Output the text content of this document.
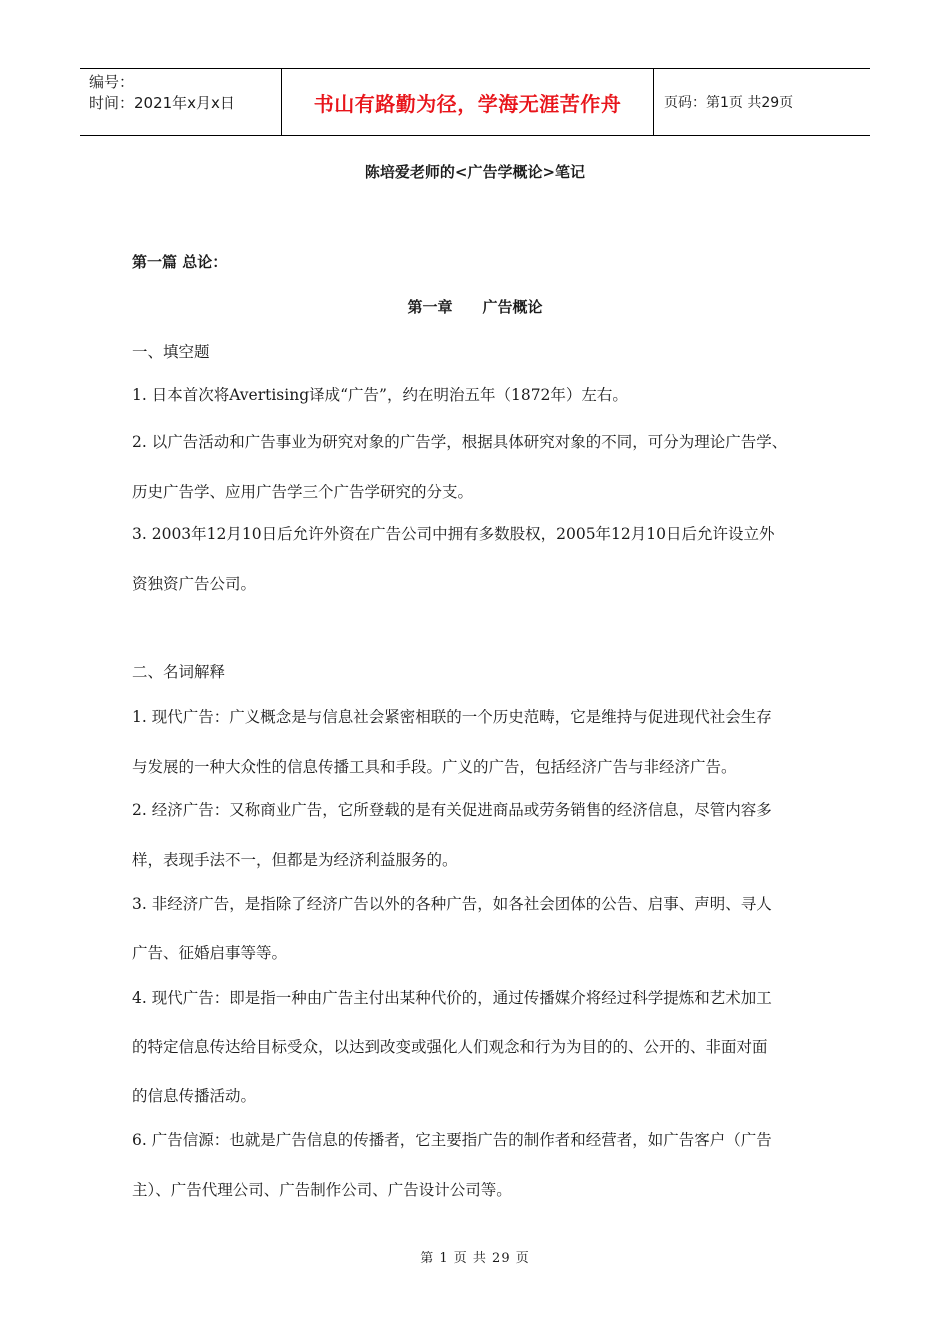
编号：
时间：2021年x月x日	书山有路勤为径，学海无涯苦作舟	页码：第1页 共29页
陈培爱老师的<广告学概论>笔记
第一篇 总论：
第一章 广告概论
一、填空题
1. 日本首次将Avertising译成“广告”，约在明治五年（1872年）左右。
2. 以广告活动和广告事业为研究对象的广告学，根据具体研究对象的不同，可分为理论广告学、
历史广告学、应用广告学三个广告学研究的分支。
3. 2003年12月10日后允许外资在广告公司中拥有多数股权，2005年12月10日后允许设立外
资独资广告公司。
二、名词解释
1. 现代广告：广义概念是与信息社会紧密相联的一个历史范畴，它是维持与促进现代社会生存
与发展的一种大众性的信息传播工具和手段。广义的广告，包括经济广告与非经济广告。
2. 经济广告：又称商业广告，它所登载的是有关促进商品或劳务销售的经济信息，尽管内容多
样，表现手法不一，但都是为经济利益服务的。
3. 非经济广告，是指除了经济广告以外的各种广告，如各社会团体的公告、启事、声明、寻人
广告、征婚启事等等。
4. 现代广告：即是指一种由广告主付出某种代价的，通过传播媒介将经过科学提炼和艺术加工
的特定信息传达给目标受众，以达到改变或强化人们观念和行为为目的的、公开的、非面对面
的信息传播活动。
6. 广告信源：也就是广告信息的传播者，它主要指广告的制作者和经营者，如广告客户（广告
主）、广告代理公司、广告制作公司、广告设计公司等。
第 1 页 共 29 页
